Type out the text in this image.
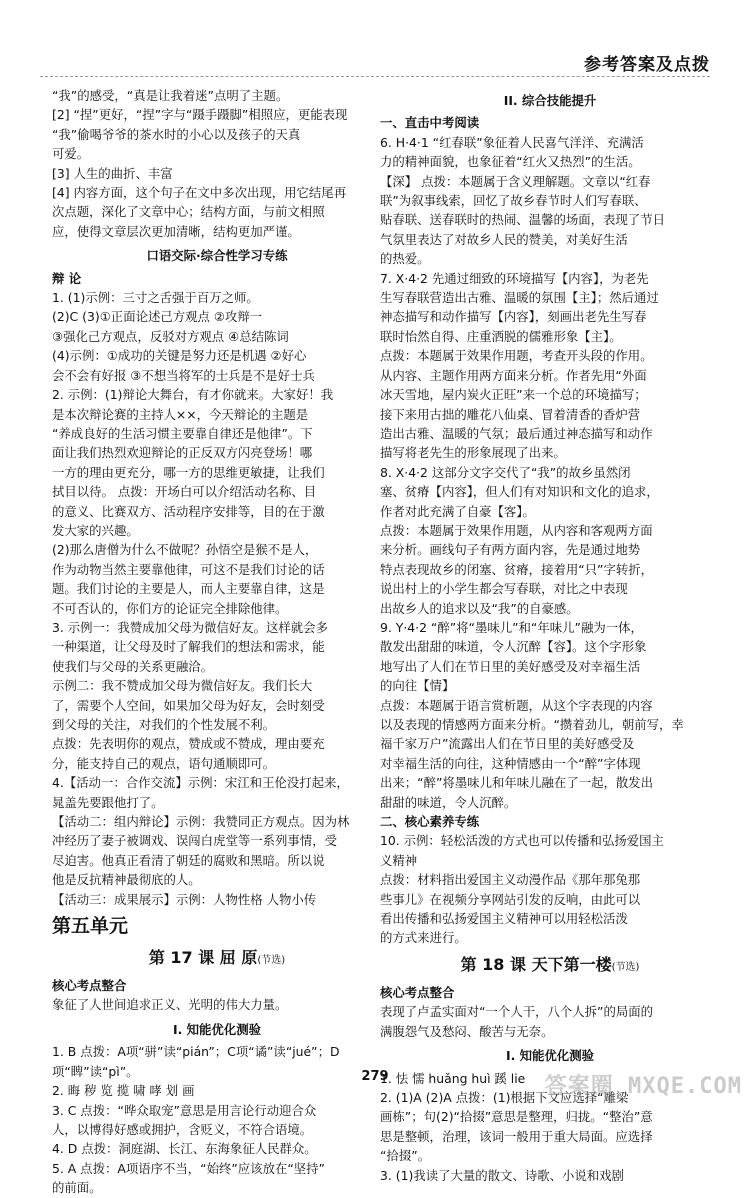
参考答案及点拨
“我”的感受，“真是让我着迷”点明了主题。
[2] “捏”更好，“捏”字与“蹑手蹑脚”相照应，更能表现
“我”偷喝爷爷的茶水时的小心以及孩子的天真
可爱。
[3] 人生的曲折、丰富
[4] 内容方面，这个句子在文中多次出现，用它结尾再
次点题，深化了文章中心；结构方面，与前文相照
应，使得文章层次更加清晰，结构更加严谨。
口语交际·综合性学习专练
辩 论
1. (1)示例：三寸之舌强于百万之师。
(2)C (3)①正面论述己方观点 ②攻辩一
③强化己方观点，反驳对方观点 ④总结陈词
(4)示例：①成功的关键是努力还是机遇 ②好心
会不会有好报 ③不想当将军的士兵是不是好士兵
2. 示例：(1)辩论大舞台，有才你就来。大家好！我
是本次辩论赛的主持人××，今天辩论的主题是
“养成良好的生活习惯主要靠自律还是他律”。下
面让我们热烈欢迎辩论的正反双方闪亮登场！哪
一方的理由更充分，哪一方的思维更敏捷，让我们
拭目以待。 点拨：开场白可以介绍活动名称、目
的意义、比赛双方、活动程序安排等，目的在于激
发大家的兴趣。
(2)那么唐僧为什么不做呢？孙悟空是猴不是人，
作为动物当然主要靠他律，可这不是我们讨论的话
题。我们讨论的主要是人，而人主要靠自律，这是
不可否认的，你们方的论证完全排除他律。
3. 示例一：我赞成加父母为微信好友。这样就会多
一种渠道，让父母及时了解我们的想法和需求，能
使我们与父母的关系更融洽。
示例二：我不赞成加父母为微信好友。我们长大
了，需要个人空间，如果加父母为好友，会时刻受
到父母的关注，对我们的个性发展不利。
点拨：先表明你的观点，赞成或不赞成，理由要充
分，能支持自己的观点，语句通顺即可。
4.【活动一：合作交流】示例：宋江和王伦没打起来，
晁盖先要跟他打了。
【活动二：组内辩论】示例：我赞同正方观点。因为林
冲经历了妻子被调戏、误闯白虎堂等一系列事情，受
尽迫害。他真正看清了朝廷的腐败和黑暗。所以说
他是反抗精神最彻底的人。
【活动三：成果展示】示例：人物性格 人物小传
第五单元
第 17 课 屈 原(节选)
核心考点整合
象征了人世间追求正义、光明的伟大力量。
I. 知能优化测验
1. B 点拨：A项“骈”读“pián”；C项“谲”读“jué”；D
项“睥”读“pì”。
2. 晦 秽 览 揽 啸 哮 划 画
3. C 点拨：“哗众取宠”意思是用言论行动迎合众
人，以博得好感或拥护，含贬义，不符合语境。
4. D 点拨：洞庭湖、长江、东海象征人民群众。
5. A 点拨：A项语序不当，“始终”应该放在“坚持”
的前面。
II. 综合技能提升
一、直击中考阅读
6. H·4·1 “红春联”象征着人民喜气洋洋、充满活
力的精神面貌，也象征着“红火又热烈”的生活。
【深】 点拨：本题属于含义理解题。文章以“红春
联”为叙事线索，回忆了故乡春节时人们写春联、
贴春联、送春联时的热闹、温馨的场面，表现了节日
气氛里表达了对故乡人民的赞美，对美好生活
的热爱。
7. X·4·2 先通过细致的环境描写【内容】，为老先
生写春联营造出古雅、温暖的氛围【主】；然后通过
神态描写和动作描写【内容】，刻画出老先生写春
联时怡然自得、庄重洒脱的儒雅形象【主】。
点拨：本题属于效果作用题，考查开头段的作用。
从内容、主题作用两方面来分析。作者先用“外面
冰天雪地，屋内炭火正旺”来一个总的环境描写；
接下来用古拙的雕花八仙桌、冒着清香的香炉营
造出古雅、温暖的气氛；最后通过神态描写和动作
描写将老先生的形象展现了出来。
8. X·4·2 这部分文字交代了“我”的故乡虽然闭
塞、贫瘠【内容】，但人们有对知识和文化的追求，
作者对此充满了自豪【客】。
点拨：本题属于效果作用题，从内容和客观两方面
来分析。画线句子有两方面内容，先是通过地势
特点表现故乡的闭塞、贫瘠，接着用“只”字转折，
说出村上的小学生都会写春联，对比之中表现
出故乡人的追求以及“我”的自豪感。
9. Y·4·2 “醉”将“墨味儿”和“年味儿”融为一体，
散发出甜甜的味道，令人沉醉【容】。这个字形象
地写出了人们在节日里的美好感受及对幸福生活
的向往【情】
点拨：本题属于语言赏析题，从这个字表现的内容
以及表现的情感两方面来分析。“攒着劲儿，朝前写，幸
福千家万户”流露出人们在节日里的美好感受及
对幸福生活的向往，这种情感由一个“醉”字体现
出来；“醉”将墨味儿和年味儿融在了一起，散发出
甜甜的味道，令人沉醉。
二、核心素养专练
10. 示例：轻松活泼的方式也可以传播和弘扬爱国主
义精神
点拨：材料指出爱国主义动漫作品《那年那兔那
些事儿》在视频分享网站引发的反响，由此可以
看出传播和弘扬爱国主义精神可以用轻松活泼
的方式来进行。
第 18 课 天下第一楼(节选)
核心考点整合
表现了卢孟实面对“一个人干，八个人拆”的局面的
满腹怨气及愁闷、酸苦与无奈。
I. 知能优化测验
1. 怯 懦 huǎng huì 蹊 lie
2. (1)A (2)A 点拨：(1)根据下文应选择“雕梁
画栋”；句(2)“拾掇”意思是整理，归拢。“整治”意
思是整顿，治理，该词一般用于重大局面。应选择
“拾掇”。
3. (1)我读了大量的散文、诗歌、小说和戏剧
279	答案圈 MXQE.COM
